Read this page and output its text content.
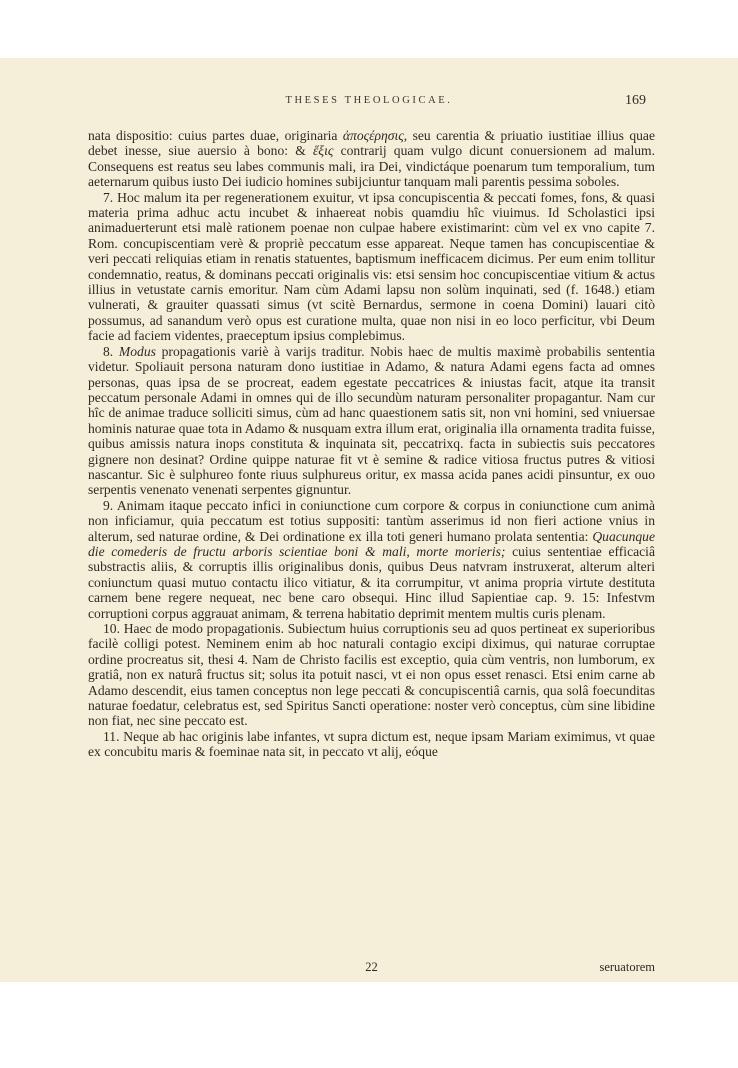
THESES THEOLOGICAE.	169

nata dispositio: cuius partes duae, originaria ἀποςέρησις, seu carentia & priuatio iustitiae illius quae debet inesse, siue auersio à bono: & ἕξις contrarij quam vulgo dicunt conuersionem ad malum. Consequens est reatus seu labes communis mali, ira Dei, vindictáque poenarum tum temporalium, tum aeternarum quibus iusto Dei iudicio homines subijciuntur tanquam mali parentis pessima soboles.

7. Hoc malum ita per regenerationem exuitur, vt ipsa concupiscentia & peccati fomes, fons, & quasi materia prima adhuc actu incubet & inhaereat nobis quamdiu hîc viuimus. Id Scholastici ipsi animaduerterunt etsi malè rationem poenae non culpae habere existimarint: cùm vel ex vno capite 7. Rom. concupiscentiam verè & propriè peccatum esse appareat. Neque tamen has concupiscentiae & veri peccati reliquias etiam in renatis statuentes, baptismum inefficacem dicimus. Per eum enim tollitur condemnatio, reatus, & dominans peccati originalis vis: etsi sensim hoc concupiscentiae vitium & actus illius in vetustate carnis emoritur. Nam cùm Adami lapsu non solùm inquinati, sed (f. 1648.) etiam vulnerati, & grauiter quassati simus (vt scitè Bernardus, sermone in coena Domini) lauari citò possumus, ad sanandum verò opus est curatione multa, quae non nisi in eo loco perficitur, vbi Deum facie ad faciem videntes, praeceptum ipsius complebimus.

8. Modus propagationis variè à varijs traditur. Nobis haec de multis maximè probabilis sententia videtur. Spoliauit persona naturam dono iustitiae in Adamo, & natura Adami egens facta ad omnes personas, quas ipsa de se procreat, eadem egestate peccatrices & iniustas facit, atque ita transit peccatum personale Adami in omnes qui de illo secundùm naturam personaliter propagantur. Nam cur hîc de animae traduce solliciti simus, cùm ad hanc quaestionem satis sit, non vni homini, sed vniuersae hominis naturae quae tota in Adamo & nusquam extra illum erat, originalia illa ornamenta tradita fuisse, quibus amissis natura inops constituta & inquinata sit, peccatrixq. facta in subiectis suis peccatores gignere non desinat? Ordine quippe naturae fit vt è semine & radice vitiosa fructus putres & vitiosi nascantur. Sic è sulphureo fonte riuus sulphureus oritur, ex massa acida panes acidi pinsuntur, ex ouo serpentis venenato venenati serpentes gignuntur.

9. Animam itaque peccato infici in coniunctione cum corpore & corpus in coniunctione cum animà non inficiamur, quia peccatum est totius suppositi: tantùm asserimus id non fieri actione vnius in alterum, sed naturae ordine, & Dei ordinatione ex illa toti generi humano prolata sententia: Quacunque die comederis de fructu arboris scientiae boni & mali, morte morieris; cuius sententiae efficaciâ substractis aliis, & corruptis illis originalibus donis, quibus Deus natvram instruxerat, alterum alteri coniunctum quasi mutuo contactu ilico vitiatur, & ita corrumpitur, vt anima propria virtute destituta carnem bene regere nequeat, nec bene caro obsequi. Hinc illud Sapientiae cap. 9. 15: Infestvm corruptioni corpus aggrauat animam, & terrena habitatio deprimit mentem multis curis plenam.

10. Haec de modo propagationis. Subiectum huius corruptionis seu ad quos pertineat ex superioribus facilè colligi potest. Neminem enim ab hoc naturali contagio excipi diximus, qui naturae corruptae ordine procreatus sit, thesi 4. Nam de Christo facilis est exceptio, quia cùm ventris, non lumborum, ex gratiâ, non ex naturâ fructus sit; solus ita potuit nasci, vt ei non opus esset renasci. Etsi enim carne ab Adamo descendit, eius tamen conceptus non lege peccati & concupiscentiâ carnis, qua solâ foecunditas naturae foedatur, celebratus est, sed Spiritus Sancti operatione: noster verò conceptus, cùm sine libidine non fiat, nec sine peccato est.

11. Neque ab hac originis labe infantes, vt supra dictum est, neque ipsam Mariam eximimus, vt quae ex concubitu maris & foeminae nata sit, in peccato vt alij, eóque

22	seruatorem
